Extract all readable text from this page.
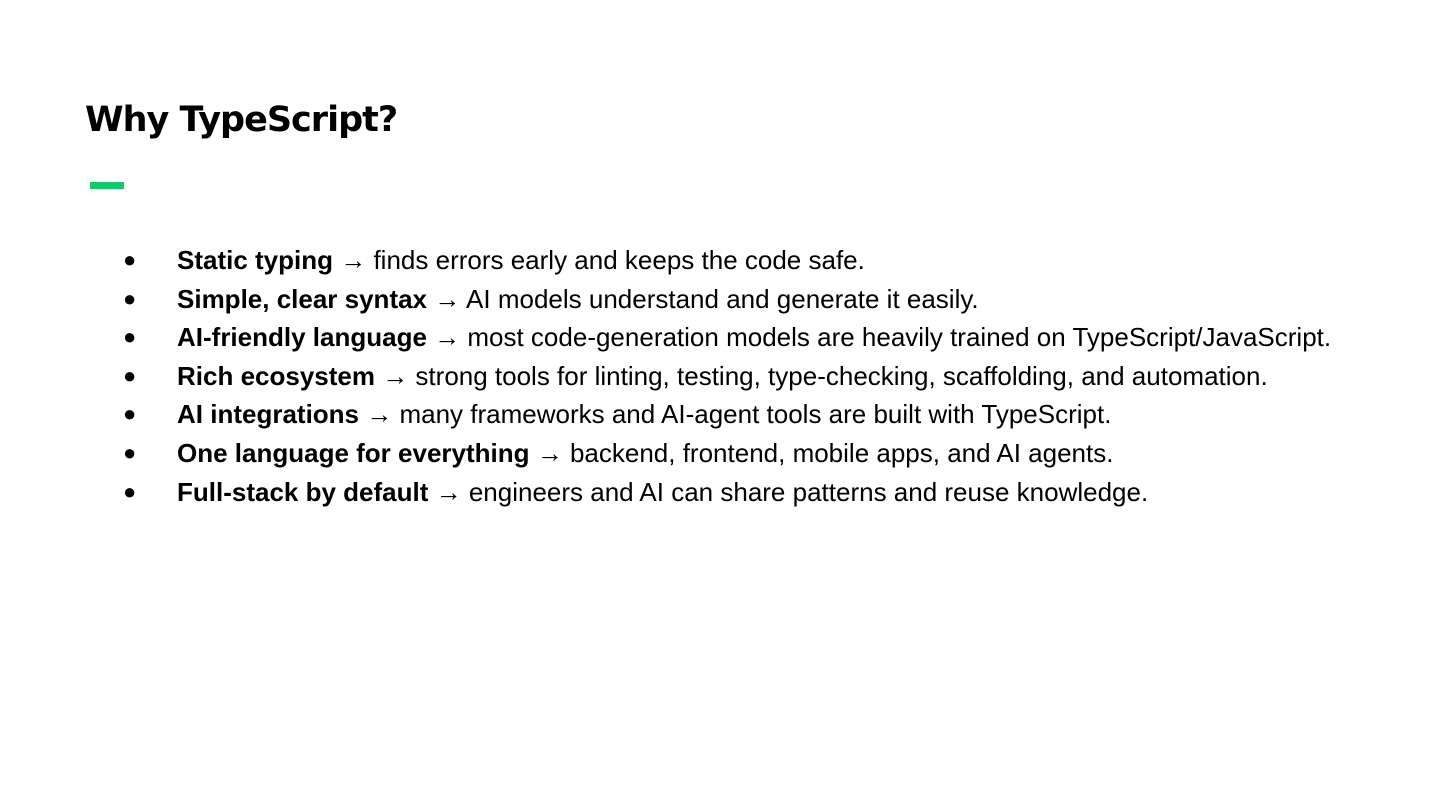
Why TypeScript?
● Static typing → finds errors early and keeps the code safe.
● Simple, clear syntax → AI models understand and generate it easily.
● AI-friendly language → most code-generation models are heavily trained on TypeScript/JavaScript.
● Rich ecosystem → strong tools for linting, testing, type-checking, scaffolding, and automation.
● AI integrations → many frameworks and AI-agent tools are built with TypeScript.
● One language for everything → backend, frontend, mobile apps, and AI agents.
● Full-stack by default → engineers and AI can share patterns and reuse knowledge.
